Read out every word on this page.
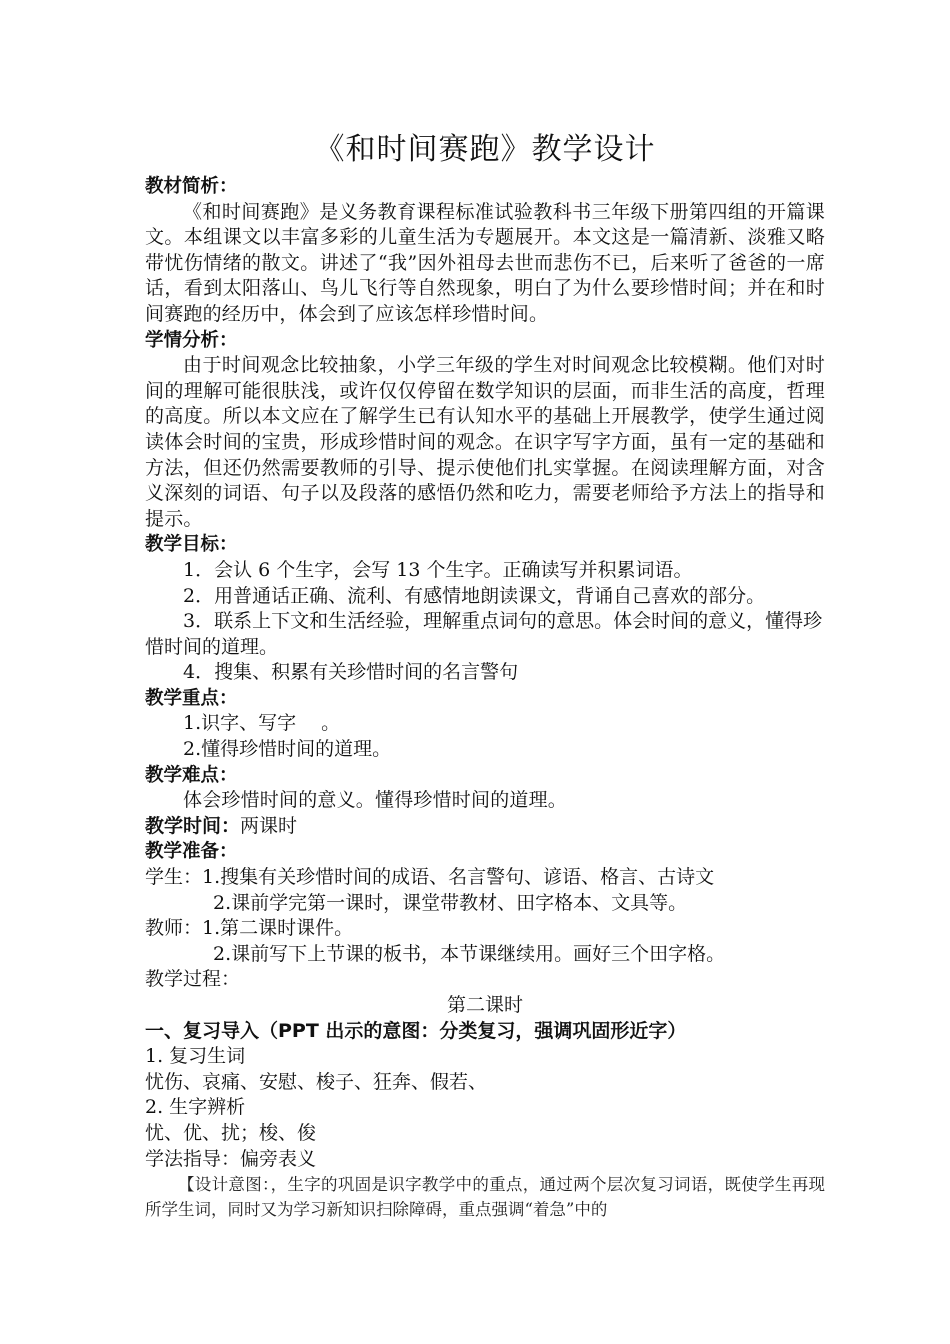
《和时间赛跑》教学设计

教材简析：

《和时间赛跑》是义务教育课程标准试验教科书三年级下册第四组的开篇课文。本组课文以丰富多彩的儿童生活为专题展开。本文这是一篇清新、淡雅又略带忧伤情绪的散文。讲述了“我”因外祖母去世而悲伤不已，后来听了爸爸的一席话，看到太阳落山、鸟儿飞行等自然现象，明白了为什么要珍惜时间；并在和时间赛跑的经历中，体会到了应该怎样珍惜时间。

学情分析：

由于时间观念比较抽象，小学三年级的学生对时间观念比较模糊。他们对时间的理解可能很肤浅，或许仅仅停留在数学知识的层面，而非生活的高度，哲理的高度。所以本文应在了解学生已有认知水平的基础上开展教学，使学生通过阅读体会时间的宝贵，形成珍惜时间的观念。在识字写字方面，虽有一定的基础和方法，但还仍然需要教师的引导、提示使他们扎实掌握。在阅读理解方面，对含义深刻的词语、句子以及段落的感悟仍然和吃力，需要老师给予方法上的指导和提示。

教学目标：

1．会认 6 个生字，会写 13 个生字。正确读写并积累词语。

2．用普通话正确、流利、有感情地朗读课文，背诵自己喜欢的部分。

3．联系上下文和生活经验，理解重点词句的意思。体会时间的意义，懂得珍惜时间的道理。

4．搜集、积累有关珍惜时间的名言警句

教学重点：

1.识字、写字　 。

2.懂得珍惜时间的道理。

教学难点：

体会珍惜时间的意义。懂得珍惜时间的道理。

教学时间：两课时

教学准备：

学生：1.搜集有关珍惜时间的成语、名言警句、谚语、格言、古诗文

2.课前学完第一课时，课堂带教材、田字格本、文具等。

教师：1.第二课时课件。

2.课前写下上节课的板书，本节课继续用。画好三个田字格。

教学过程：

第二课时

一、复习导入（PPT 出示的意图：分类复习，强调巩固形近字）

1. 复习生词

忧伤、哀痛、安慰、梭子、狂奔、假若、

2. 生字辨析

忧、优、扰；梭、俊

学法指导：偏旁表义

【设计意图：，生字的巩固是识字教学中的重点，通过两个层次复习词语，既使学生再现所学生词，同时又为学习新知识扫除障碍，重点强调“着急”中的
